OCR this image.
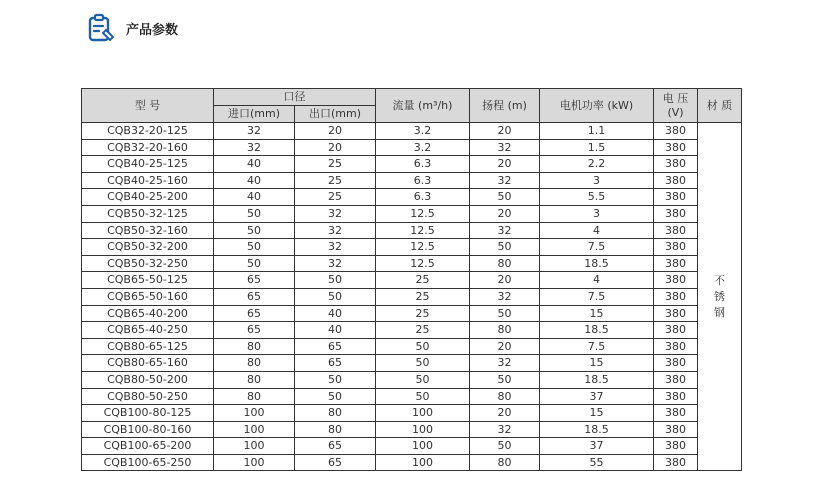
产品参数
型 号	口径		流量 (m³/h)	扬程 (m)	电机功率 (kW)	电 压 (V)	材 质
	进口(mm)	出口(mm)					
CQB32-20-125	32	20	3.2	20	1.1	380	不锈钢
CQB32-20-160	32	20	3.2	32	1.5	380	
CQB40-25-125	40	25	6.3	20	2.2	380	
CQB40-25-160	40	25	6.3	32	3	380	
CQB40-25-200	40	25	6.3	50	5.5	380	
CQB50-32-125	50	32	12.5	20	3	380	
CQB50-32-160	50	32	12.5	32	4	380	
CQB50-32-200	50	32	12.5	50	7.5	380	
CQB50-32-250	50	32	12.5	80	18.5	380	
CQB65-50-125	65	50	25	20	4	380	
CQB65-50-160	65	50	25	32	7.5	380	
CQB65-40-200	65	40	25	50	15	380	
CQB65-40-250	65	40	25	80	18.5	380	
CQB80-65-125	80	65	50	20	7.5	380	
CQB80-65-160	80	65	50	32	15	380	
CQB80-50-200	80	50	50	50	18.5	380	
CQB80-50-250	80	50	50	80	37	380	
CQB100-80-125	100	80	100	20	15	380	
CQB100-80-160	100	80	100	32	18.5	380	
CQB100-65-200	100	65	100	50	37	380	
CQB100-65-250	100	65	100	80	55	380	
